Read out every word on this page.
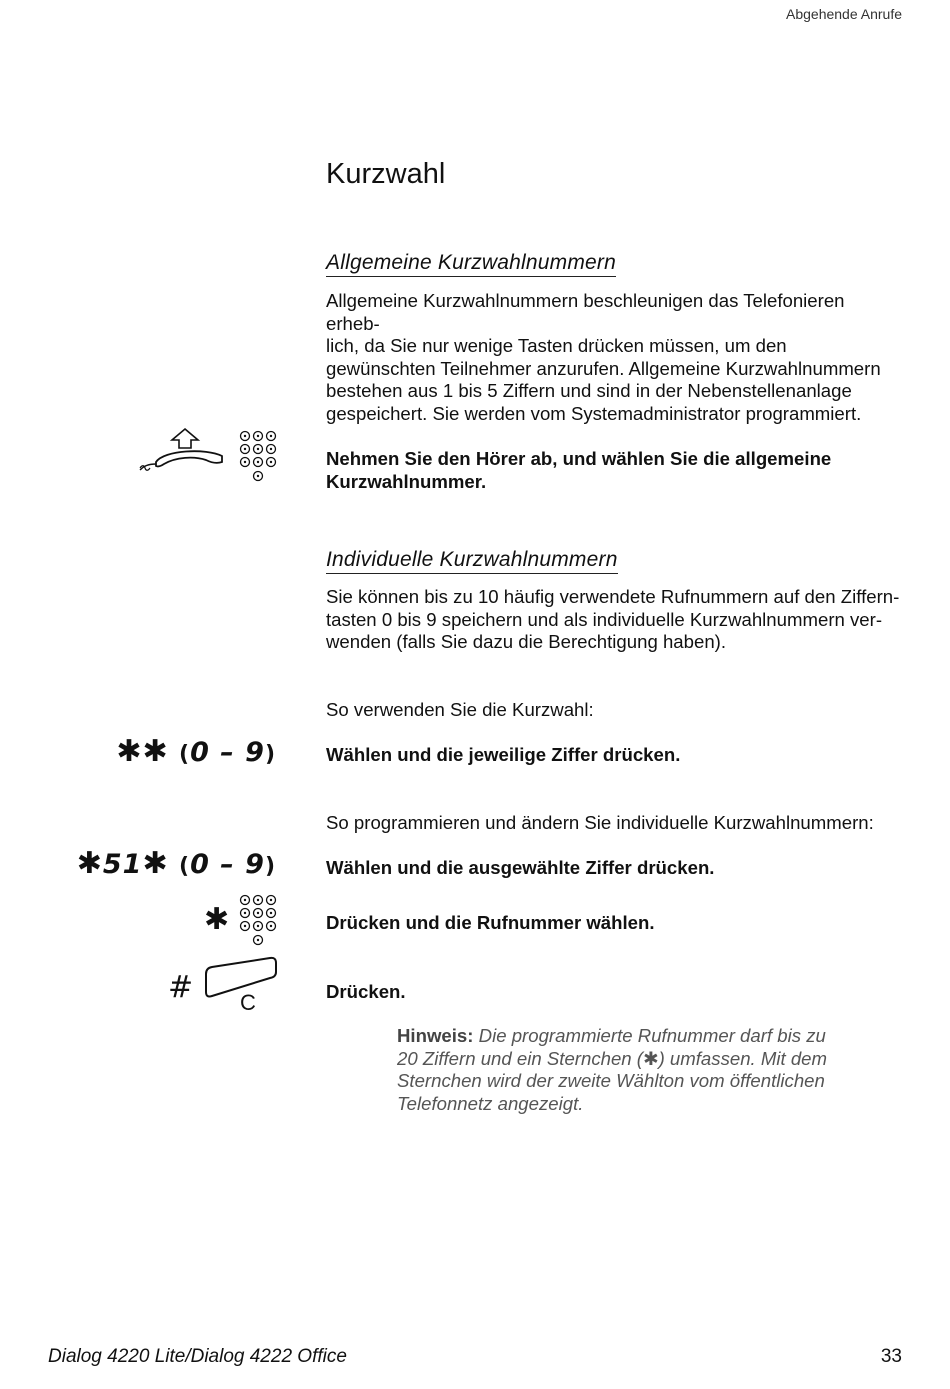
Abgehende Anrufe
Kurzwahl
Allgemeine Kurzwahlnummern
Allgemeine Kurzwahlnummern beschleunigen das Telefonieren
erheb-
lich, da Sie nur wenige Tasten drücken müssen, um den
gewünschten Teilnehmer anzurufen. Allgemeine Kurzwahlnummern
bestehen aus 1 bis 5 Ziffern und sind in der Nebenstellenanlage
gespeichert. Sie werden vom Systemadministrator programmiert.
Nehmen Sie den Hörer ab, und wählen Sie die allgemeine
Kurzwahlnummer.
Individuelle Kurzwahlnummern
Sie können bis zu 10 häufig verwendete Rufnummern auf den Ziffern-
tasten 0 bis 9 speichern und als individuelle Kurzwahlnummern ver-
wenden (falls Sie dazu die Berechtigung haben).
So verwenden Sie die Kurzwahl:
✱✱ (0 – 9)	Wählen und die jeweilige Ziffer drücken.
So programmieren und ändern Sie individuelle Kurzwahlnummern:
✱51✱ (0 – 9)	Wählen und die ausgewählte Ziffer drücken.
✱	Drücken und die Rufnummer wählen.
# C	Drücken.
Hinweis: Die programmierte Rufnummer darf bis zu
20 Ziffern und ein Sternchen (✱) umfassen. Mit dem
Sternchen wird der zweite Wählton vom öffentlichen
Telefonnetz angezeigt.
Dialog 4220 Lite/Dialog 4222 Office	33
